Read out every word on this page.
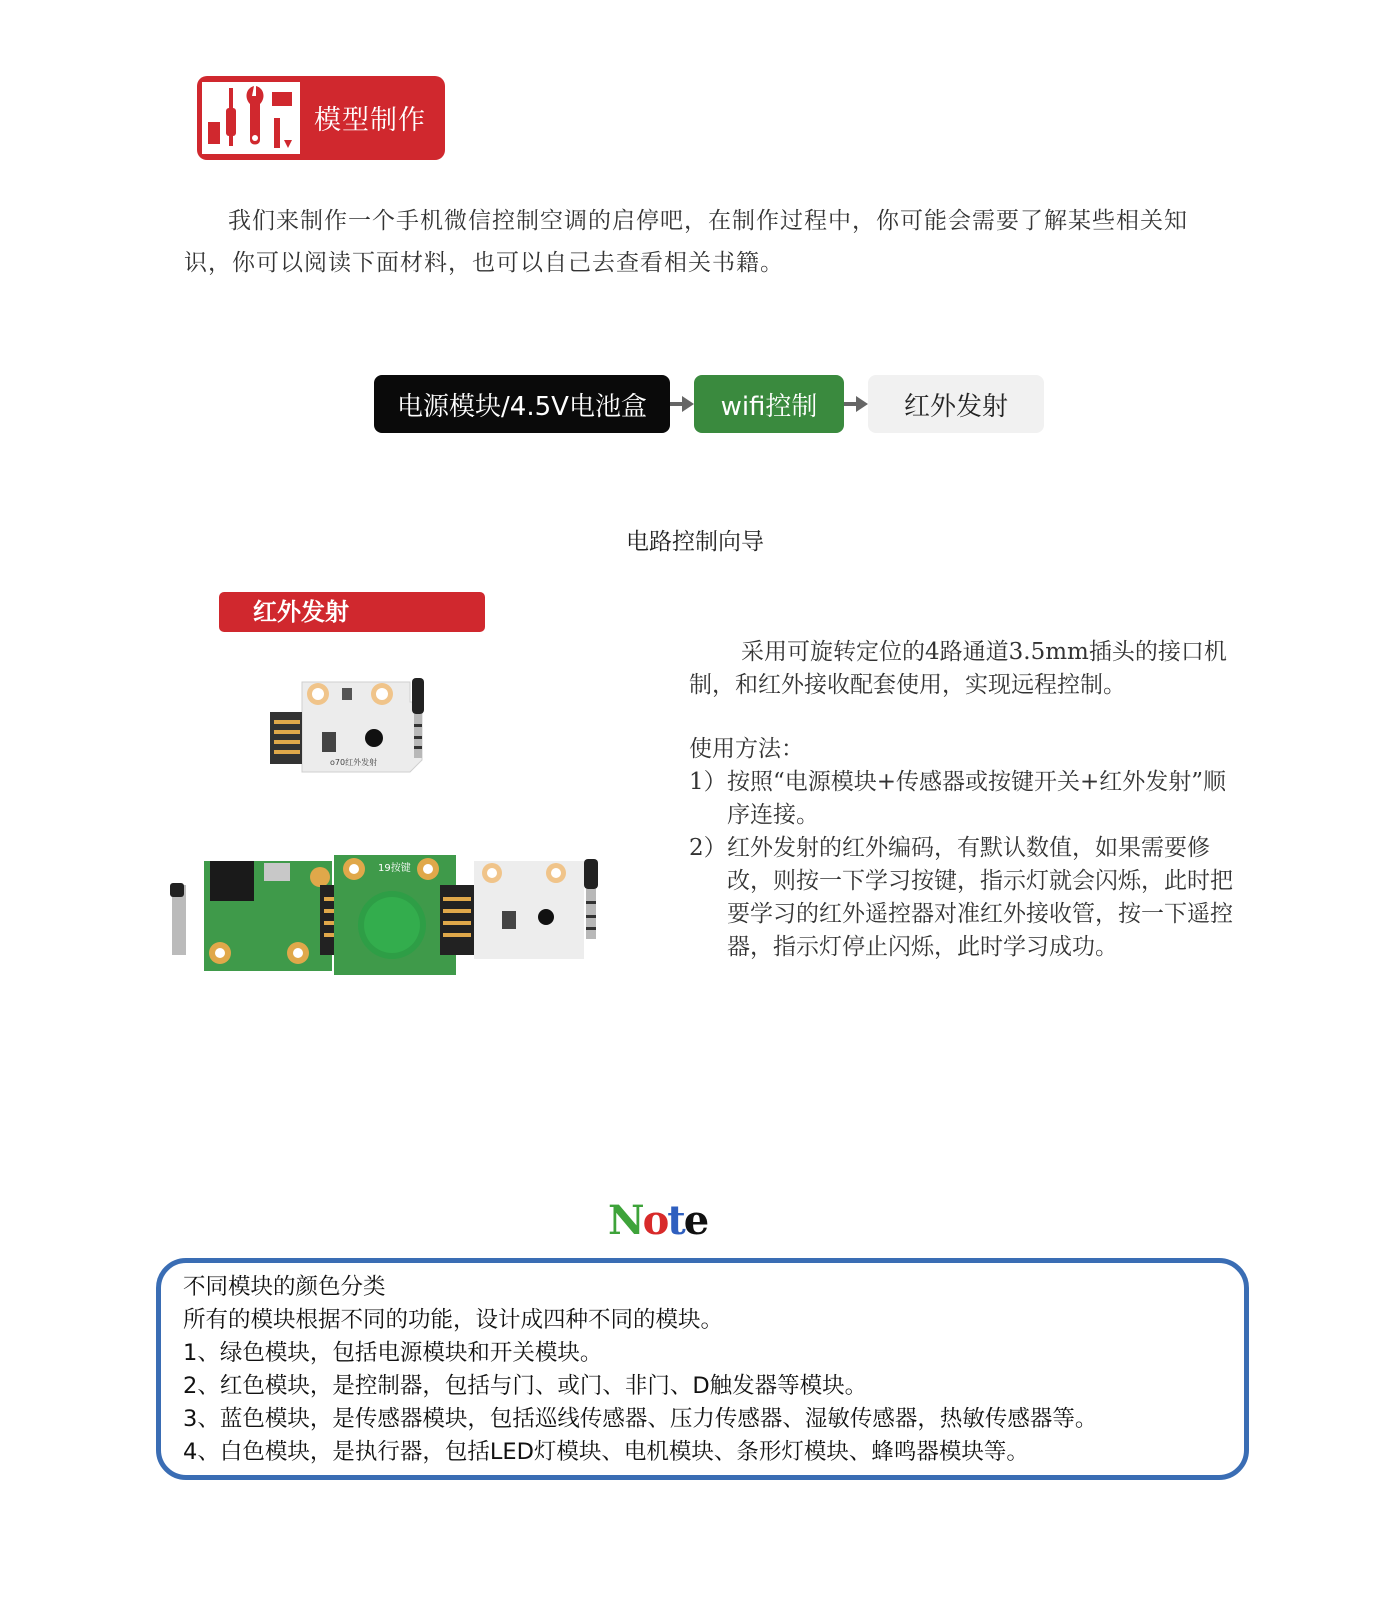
模型制作

我们来制作一个手机微信控制空调的启停吧，在制作过程中，你可能会需要了解某些相关知识，你可以阅读下面材料，也可以自己去查看相关书籍。

电源模块/4.5V电池盒	wifi控制	红外发射
电路控制向导
红外发射
o70红外发射
19按键

采用可旋转定位的4路通道3.5mm插头的接口机制，和红外接收配套使用，实现远程控制。

使用方法：

1） 按照“电源模块+传感器或按键开关+红外发射”顺序连接。
2） 红外发射的红外编码，有默认数值，如果需要修改，则按一下学习按键，指示灯就会闪烁，此时把要学习的红外遥控器对准红外接收管，按一下遥控器，指示灯停止闪烁，此时学习成功。
Note
不同模块的颜色分类
所有的模块根据不同的功能，设计成四种不同的模块。
1、绿色模块，包括电源模块和开关模块。
2、红色模块，是控制器，包括与门、或门、非门、D触发器等模块。
3、蓝色模块，是传感器模块，包括巡线传感器、压力传感器、湿敏传感器，热敏传感器等。
4、白色模块，是执行器，包括LED灯模块、电机模块、条形灯模块、蜂鸣器模块等。
